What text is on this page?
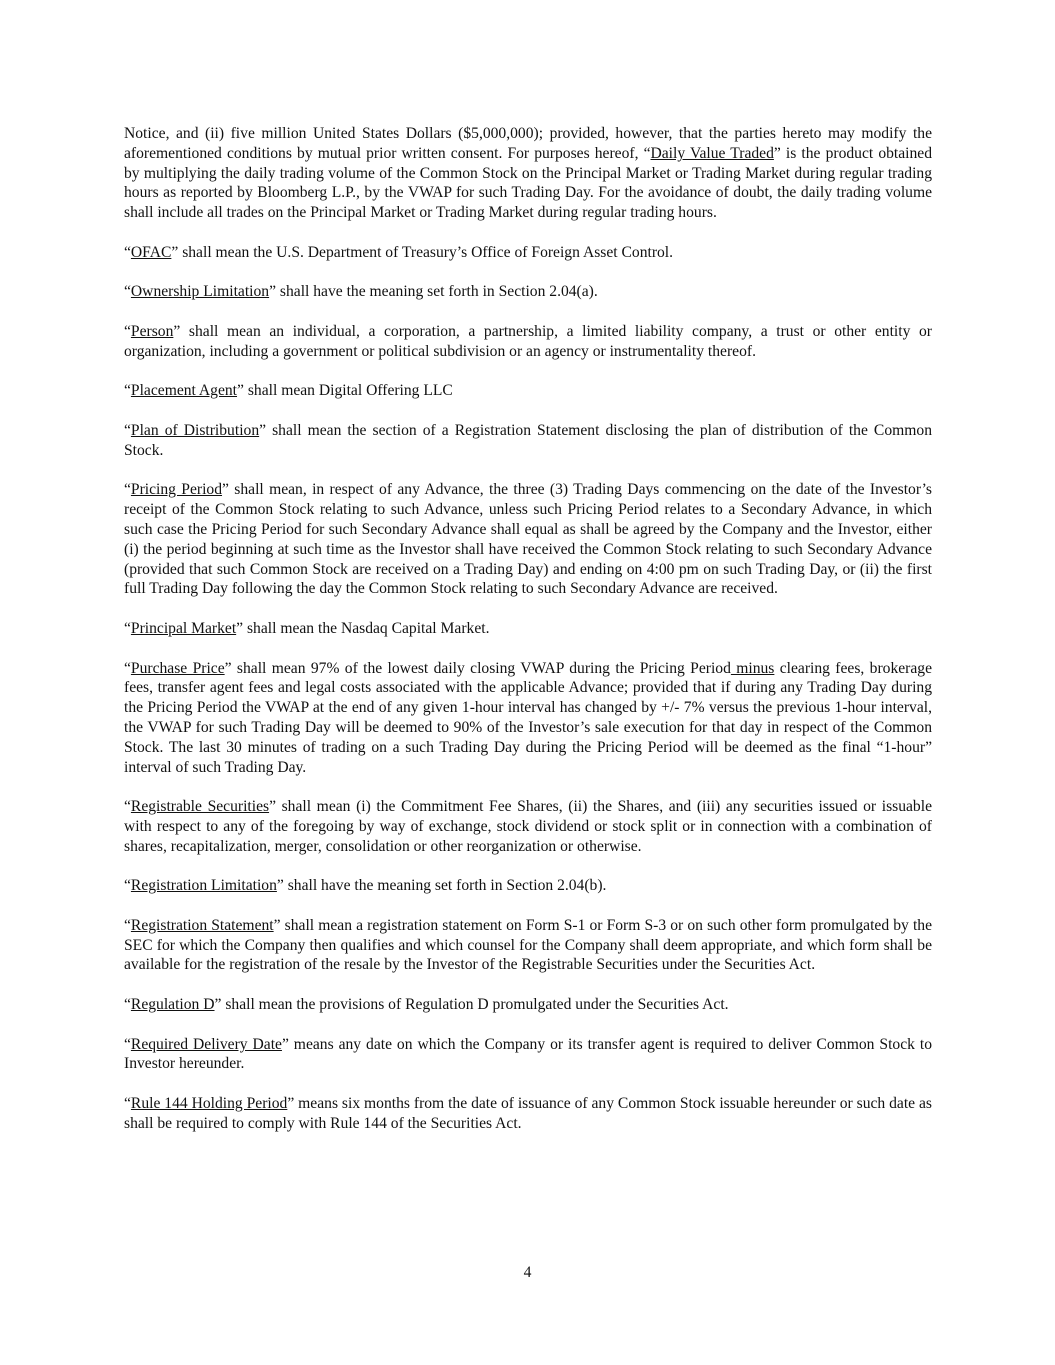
Notice, and (ii) five million United States Dollars ($5,000,000); provided, however, that the parties hereto may modify the aforementioned conditions by mutual prior written consent. For purposes hereof, “Daily Value Traded” is the product obtained by multiplying the daily trading volume of the Common Stock on the Principal Market or Trading Market during regular trading hours as reported by Bloomberg L.P., by the VWAP for such Trading Day. For the avoidance of doubt, the daily trading volume shall include all trades on the Principal Market or Trading Market during regular trading hours.

“OFAC” shall mean the U.S. Department of Treasury’s Office of Foreign Asset Control.

“Ownership Limitation” shall have the meaning set forth in Section 2.04(a).

“Person” shall mean an individual, a corporation, a partnership, a limited liability company, a trust or other entity or organization, including a government or political subdivision or an agency or instrumentality thereof.

“Placement Agent” shall mean Digital Offering LLC

“Plan of Distribution” shall mean the section of a Registration Statement disclosing the plan of distribution of the Common Stock.

“Pricing Period” shall mean, in respect of any Advance, the three (3) Trading Days commencing on the date of the Investor’s receipt of the Common Stock relating to such Advance, unless such Pricing Period relates to a Secondary Advance, in which such case the Pricing Period for such Secondary Advance shall equal as shall be agreed by the Company and the Investor, either (i) the period beginning at such time as the Investor shall have received the Common Stock relating to such Secondary Advance (provided that such Common Stock are received on a Trading Day) and ending on 4:00 pm on such Trading Day, or (ii) the first full Trading Day following the day the Common Stock relating to such Secondary Advance are received.

“Principal Market” shall mean the Nasdaq Capital Market.

“Purchase Price” shall mean 97% of the lowest daily closing VWAP during the Pricing Period minus clearing fees, brokerage fees, transfer agent fees and legal costs associated with the applicable Advance; provided that if during any Trading Day during the Pricing Period the VWAP at the end of any given 1-hour interval has changed by +/- 7% versus the previous 1-hour interval, the VWAP for such Trading Day will be deemed to 90% of the Investor’s sale execution for that day in respect of the Common Stock. The last 30 minutes of trading on a such Trading Day during the Pricing Period will be deemed as the final “1-hour” interval of such Trading Day.

“Registrable Securities” shall mean (i) the Commitment Fee Shares, (ii) the Shares, and (iii) any securities issued or issuable with respect to any of the foregoing by way of exchange, stock dividend or stock split or in connection with a combination of shares, recapitalization, merger, consolidation or other reorganization or otherwise.

“Registration Limitation” shall have the meaning set forth in Section 2.04(b).

“Registration Statement” shall mean a registration statement on Form S-1 or Form S-3 or on such other form promulgated by the SEC for which the Company then qualifies and which counsel for the Company shall deem appropriate, and which form shall be available for the registration of the resale by the Investor of the Registrable Securities under the Securities Act.

“Regulation D” shall mean the provisions of Regulation D promulgated under the Securities Act.

“Required Delivery Date” means any date on which the Company or its transfer agent is required to deliver Common Stock to Investor hereunder.

“Rule 144 Holding Period” means six months from the date of issuance of any Common Stock issuable hereunder or such date as shall be required to comply with Rule 144 of the Securities Act.

4
